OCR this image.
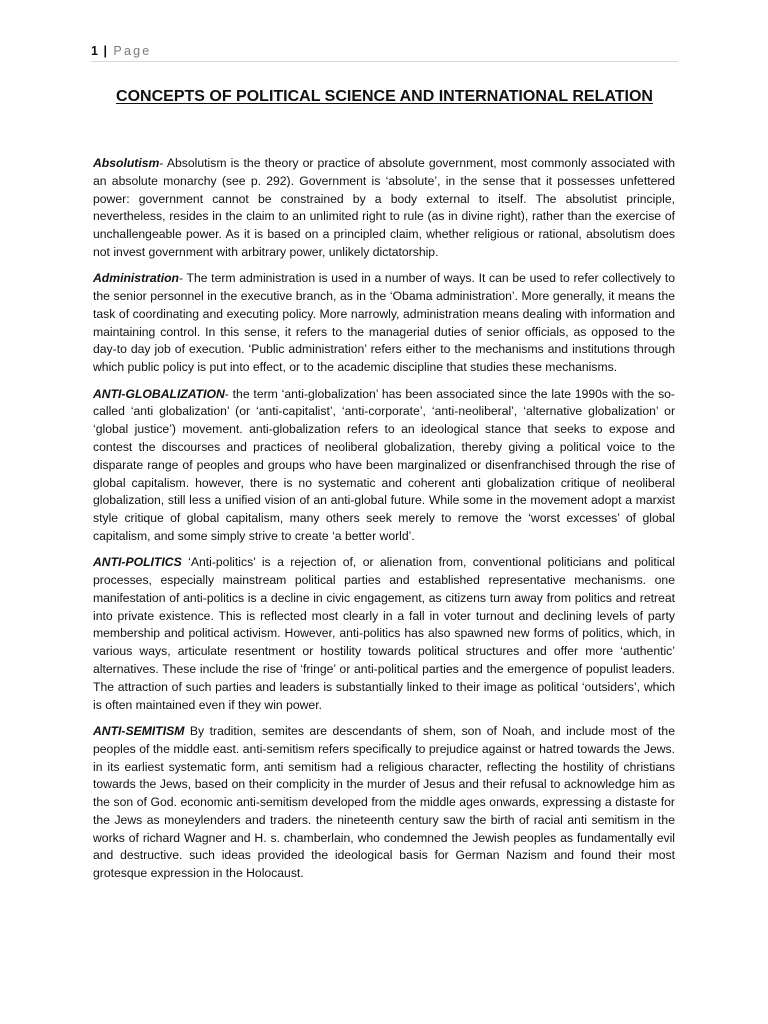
1 | Page
CONCEPTS OF POLITICAL SCIENCE AND INTERNATIONAL RELATION

Absolutism- Absolutism is the theory or practice of absolute government, most commonly associated with an absolute monarchy (see p. 292). Government is ‘absolute’, in the sense that it possesses unfettered power: government cannot be constrained by a body external to itself. The absolutist principle, nevertheless, resides in the claim to an unlimited right to rule (as in divine right), rather than the exercise of unchallengeable power. As it is based on a principled claim, whether religious or rational, absolutism does not invest government with arbitrary power, unlikely dictatorship.

Administration- The term administration is used in a number of ways. It can be used to refer collectively to the senior personnel in the executive branch, as in the ‘Obama administration’. More generally, it means the task of coordinating and executing policy. More narrowly, administration means dealing with information and maintaining control. In this sense, it refers to the managerial duties of senior officials, as opposed to the day-to day job of execution. ‘Public administration’ refers either to the mechanisms and institutions through which public policy is put into effect, or to the academic discipline that studies these mechanisms.

ANTI-GLOBALIZATION- the term ‘anti-globalization’ has been associated since the late 1990s with the so-called ‘anti globalization’ (or ‘anti-capitalist’, ‘anti-corporate’, ‘anti-neoliberal’, ‘alternative globalization’ or ‘global justice’) movement. anti-globalization refers to an ideological stance that seeks to expose and contest the discourses and practices of neoliberal globalization, thereby giving a political voice to the disparate range of peoples and groups who have been marginalized or disenfranchised through the rise of global capitalism. however, there is no systematic and coherent anti globalization critique of neoliberal globalization, still less a unified vision of an anti-global future. While some in the movement adopt a marxist style critique of global capitalism, many others seek merely to remove the ‘worst excesses’ of global capitalism, and some simply strive to create ‘a better world’.

ANTI-POLITICS ‘Anti-politics’ is a rejection of, or alienation from, conventional politicians and political processes, especially mainstream political parties and established representative mechanisms. one manifestation of anti-politics is a decline in civic engagement, as citizens turn away from politics and retreat into private existence. This is reflected most clearly in a fall in voter turnout and declining levels of party membership and political activism. However, anti-politics has also spawned new forms of politics, which, in various ways, articulate resentment or hostility towards political structures and offer more ‘authentic’ alternatives. These include the rise of ‘fringe’ or anti-political parties and the emergence of populist leaders. The attraction of such parties and leaders is substantially linked to their image as political ‘outsiders’, which is often maintained even if they win power.

ANTI-SEMITISM By tradition, semites are descendants of shem, son of Noah, and include most of the peoples of the middle east. anti-semitism refers specifically to prejudice against or hatred towards the Jews. in its earliest systematic form, anti semitism had a religious character, reflecting the hostility of christians towards the Jews, based on their complicity in the murder of Jesus and their refusal to acknowledge him as the son of God. economic anti-semitism developed from the middle ages onwards, expressing a distaste for the Jews as moneylenders and traders. the nineteenth century saw the birth of racial anti semitism in the works of richard Wagner and H. s. chamberlain, who condemned the Jewish peoples as fundamentally evil and destructive. such ideas provided the ideological basis for German Nazism and found their most grotesque expression in the Holocaust.
